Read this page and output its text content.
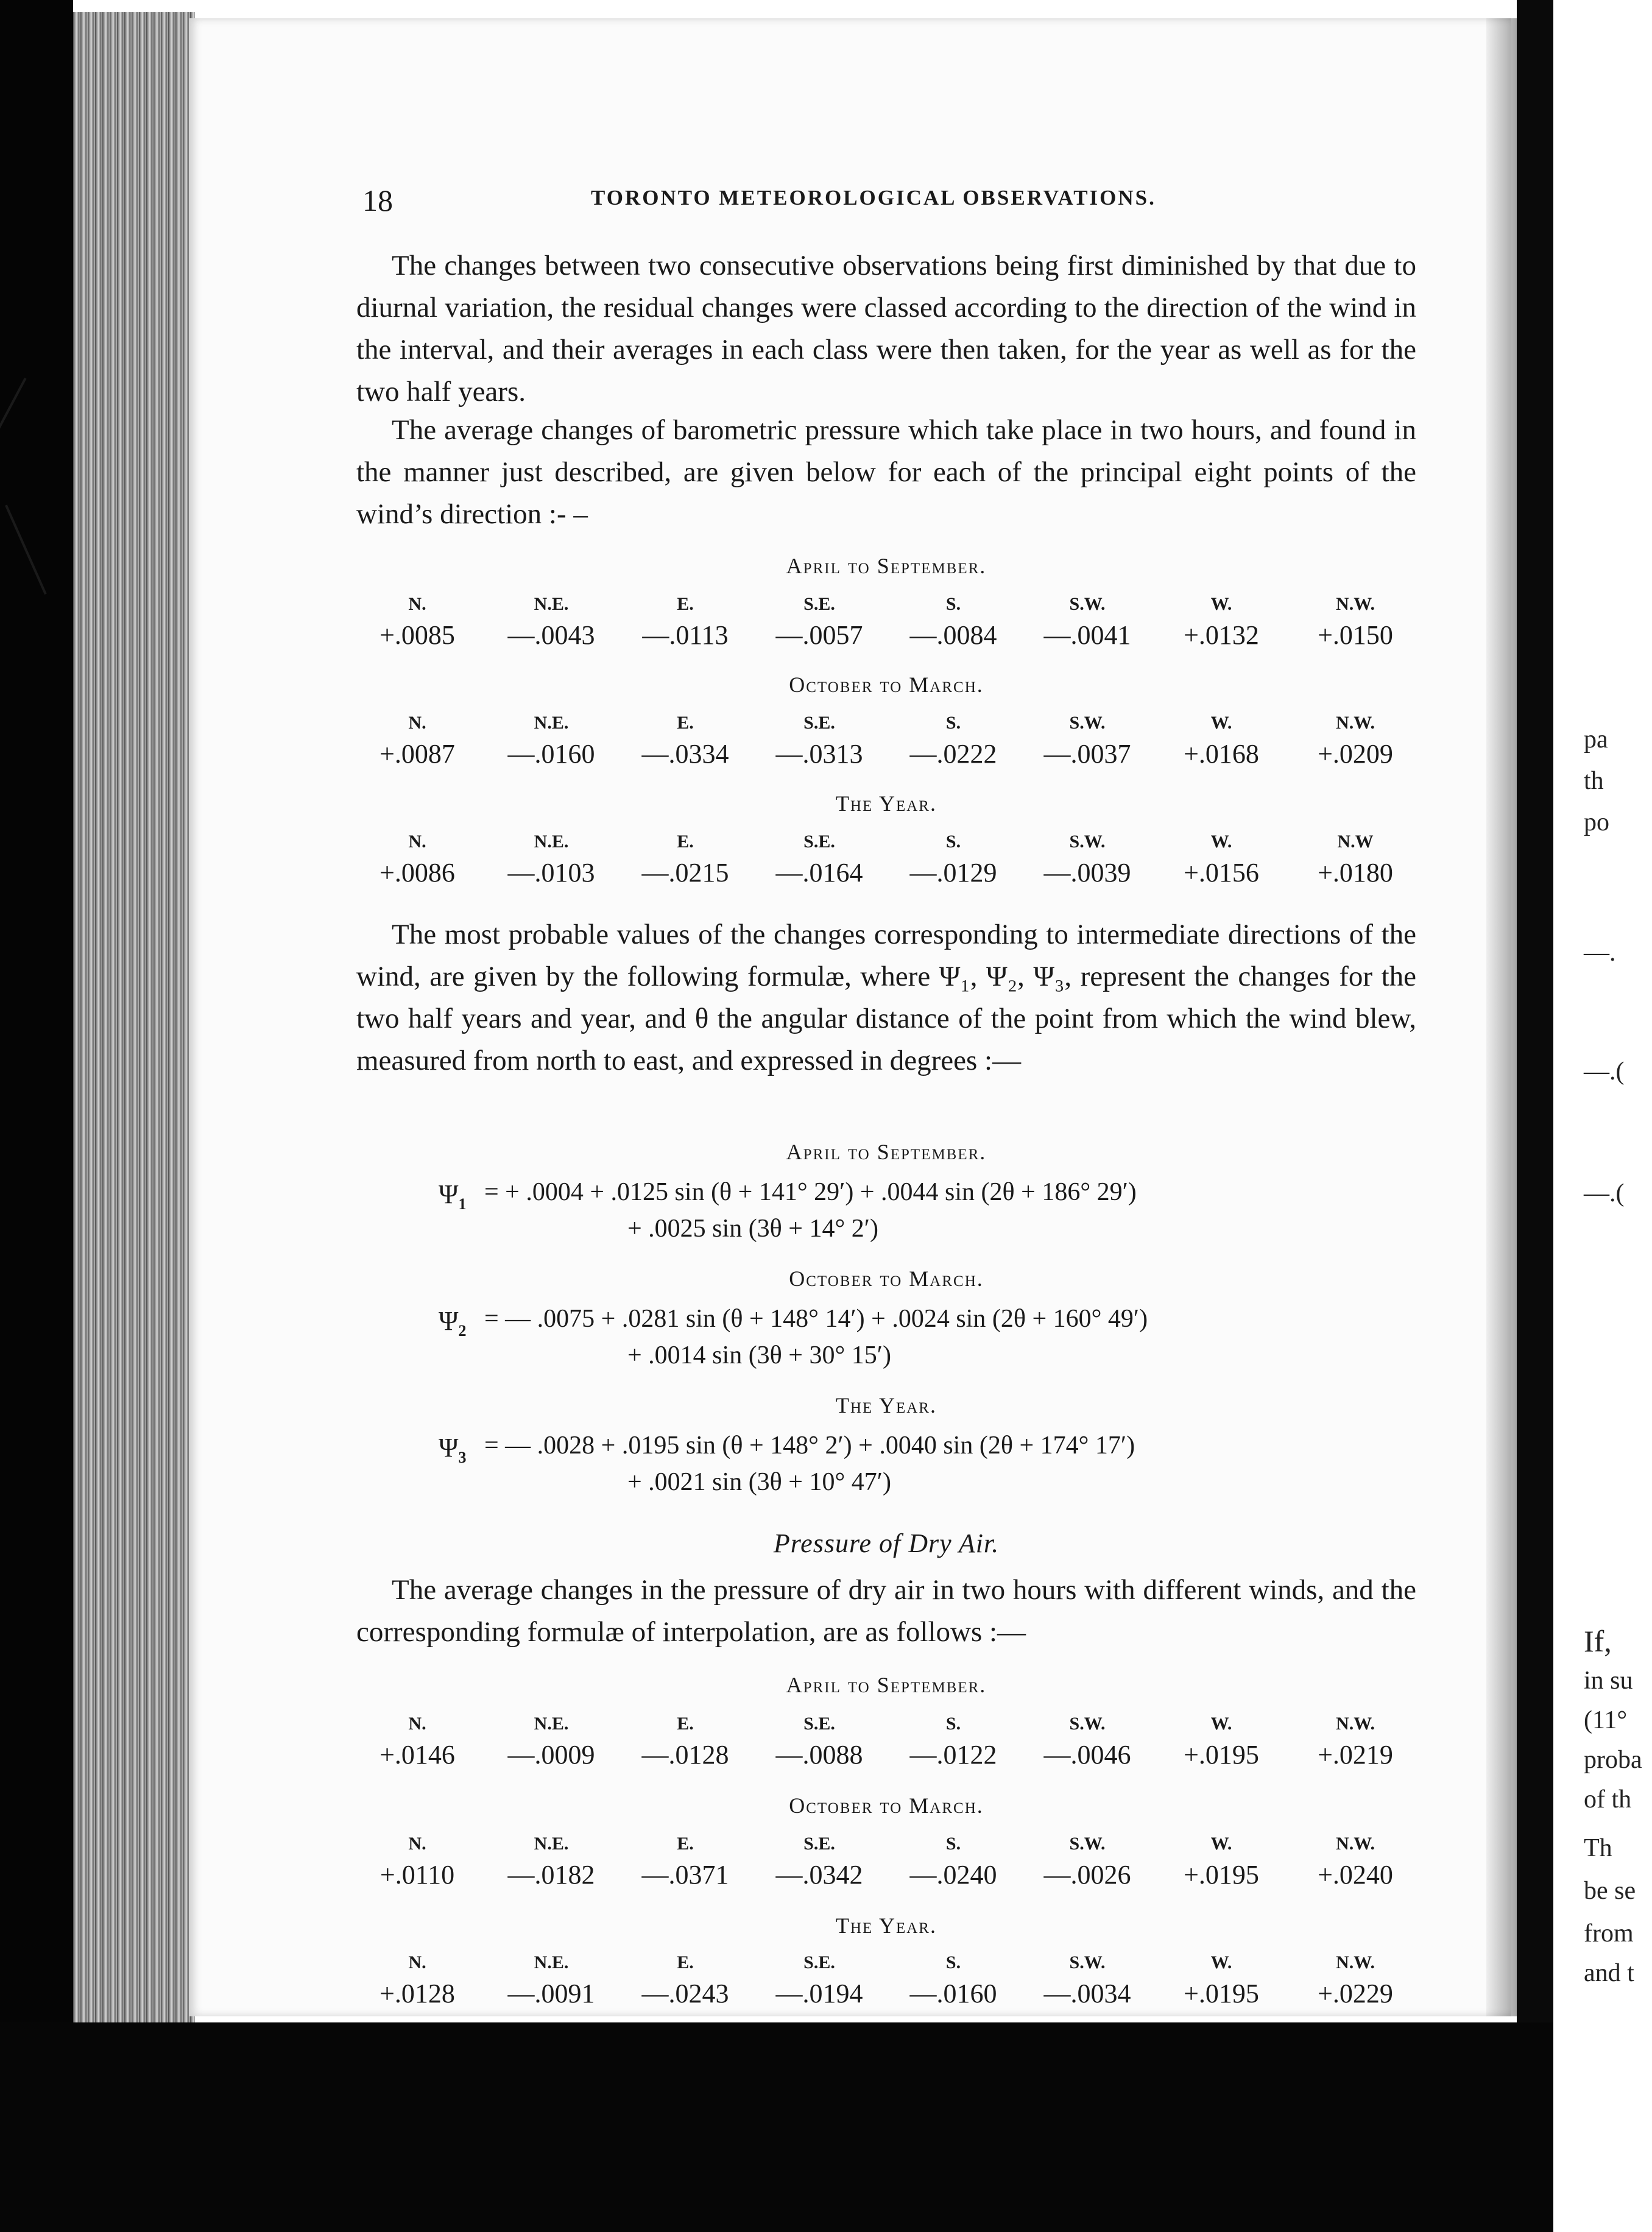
pa
th
po
—.
—.(
—.(
If,
in su
(11°
proba
of th
Th
be se
from
and t
18	TORONTO METEOROLOGICAL OBSERVATIONS.
The changes between two consecutive observations being first diminished by that due to diurnal variation, the residual changes were classed according to the direction of the wind in the interval, and their averages in each class were then taken, for the year as well as for the two half years.
The average changes of barometric pressure which take place in two hours, and found in the manner just described, are given below for each of the principal eight points of the wind’s direction :- –
April to September.
N.	N.E.	E.	S.E.	S.	S.W.	W.	N.W.
+.0085	—.0043	—.0113	—.0057	—.0084	—.0041	+.0132	+.0150
October to March.
N.	N.E.	E.	S.E.	S.	S.W.	W.	N.W.
+.0087	—.0160	—.0334	—.0313	—.0222	—.0037	+.0168	+.0209
The Year.
N.	N.E.	E.	S.E.	S.	S.W.	W.	N.W
+.0086	—.0103	—.0215	—.0164	—.0129	—.0039	+.0156	+.0180
The most probable values of the changes corresponding to intermediate directions of the wind, are given by the following formulæ, where Ψ₁, Ψ₂, Ψ₃, represent the changes for the two half years and year, and θ the angular distance of the point from which the wind blew, measured from north to east, and expressed in degrees :—
April to September.
$\Psi_1$ = + .0004 + .0125 sin (θ + 141° 29′) + .0044 sin (2θ + 186° 29′)
+ .0025 sin (3θ + 14° 2′)
October to March.
$\Psi_2$ = — .0075 + .0281 sin (θ + 148° 14′) + .0024 sin (2θ + 160° 49′)
+ .0014 sin (3θ + 30° 15′)
The Year.
$\Psi_3$ = — .0028 + .0195 sin (θ + 148° 2′) + .0040 sin (2θ + 174° 17′)
+ .0021 sin (3θ + 10° 47′)
Pressure of Dry Air.
The average changes in the pressure of dry air in two hours with different winds, and the corresponding formulæ of interpolation, are as follows :—
April to September.
N.	N.E.	E.	S.E.	S.	S.W.	W.	N.W.
+.0146	—.0009	—.0128	—.0088	—.0122	—.0046	+.0195	+.0219
October to March.
N.	N.E.	E.	S.E.	S.	S.W.	W.	N.W.
+.0110	—.0182	—.0371	—.0342	—.0240	—.0026	+.0195	+.0240
The Year.
N.	N.E.	E.	S.E.	S.	S.W.	W.	N.W.
+.0128	—.0091	—.0243	—.0194	—.0160	—.0034	+.0195	+.0229
